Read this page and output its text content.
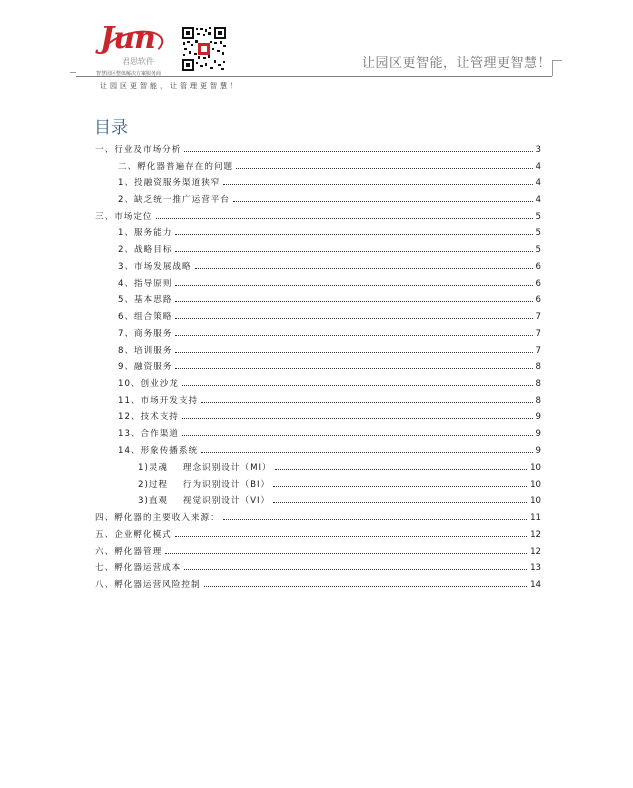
Jun
君思软件
智慧园区整体解决方案服务商
让园区更智能，让管理更智慧！
让园区更智能，让管理更智慧！
目录
一、行业及市场分析	3
二、孵化器普遍存在的问题	4
1、投融资服务渠道狭窄	4
2、缺乏统一推广运营平台	4
三、市场定位	5
1、服务能力	5
2、战略目标	5
3、市场发展战略	6
4、指导原则	6
5、基本思路	6
6、组合策略	7
7、商务服务	7
8、培训服务	7
9、融资服务	8
10、创业沙龙	8
11、市场开发支持	8
12、技术支持	9
13、合作渠道	9
14、形象传播系统	9
1)灵魂    理念识别设计（MI）	10
2)过程    行为识别设计（BI）	10
3)直观    视觉识别设计（VI）	10
四、孵化器的主要收入来源：	11
五、企业孵化模式	12
六、孵化器管理	12
七、孵化器运营成本	13
八、孵化器运营风险控制	14
